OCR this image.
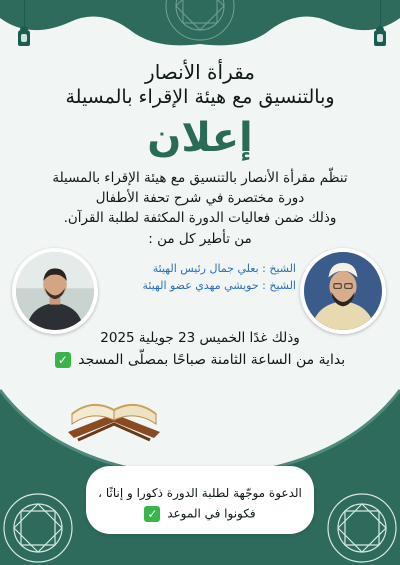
مقرأة الأنصار
وبالتنسيق مع هيئة الإقراء بالمسيلة
إعلان
تنظّم مقرأة الأنصار بالتنسيق مع هيئة الإقراء بالمسيلة
دورة مختصرة في شرح تحفة الأطفال
وذلك ضمن فعاليات الدورة المكثفة لطلبة القرآن.
من تأطير كل من :
الشيخ : بعلي جمال رئيس الهيئة
الشيخ : حويشي مهدي عضو الهيئة
وذلك غدًا الخميس 23 جويلية 2025
بداية من الساعة الثامنة صباحًا بمصلّى المسجد ✓
الدعوة موجّهة لطلبة الدورة ذكورا و إناثًا ،
فكونوا في الموعد ✓
